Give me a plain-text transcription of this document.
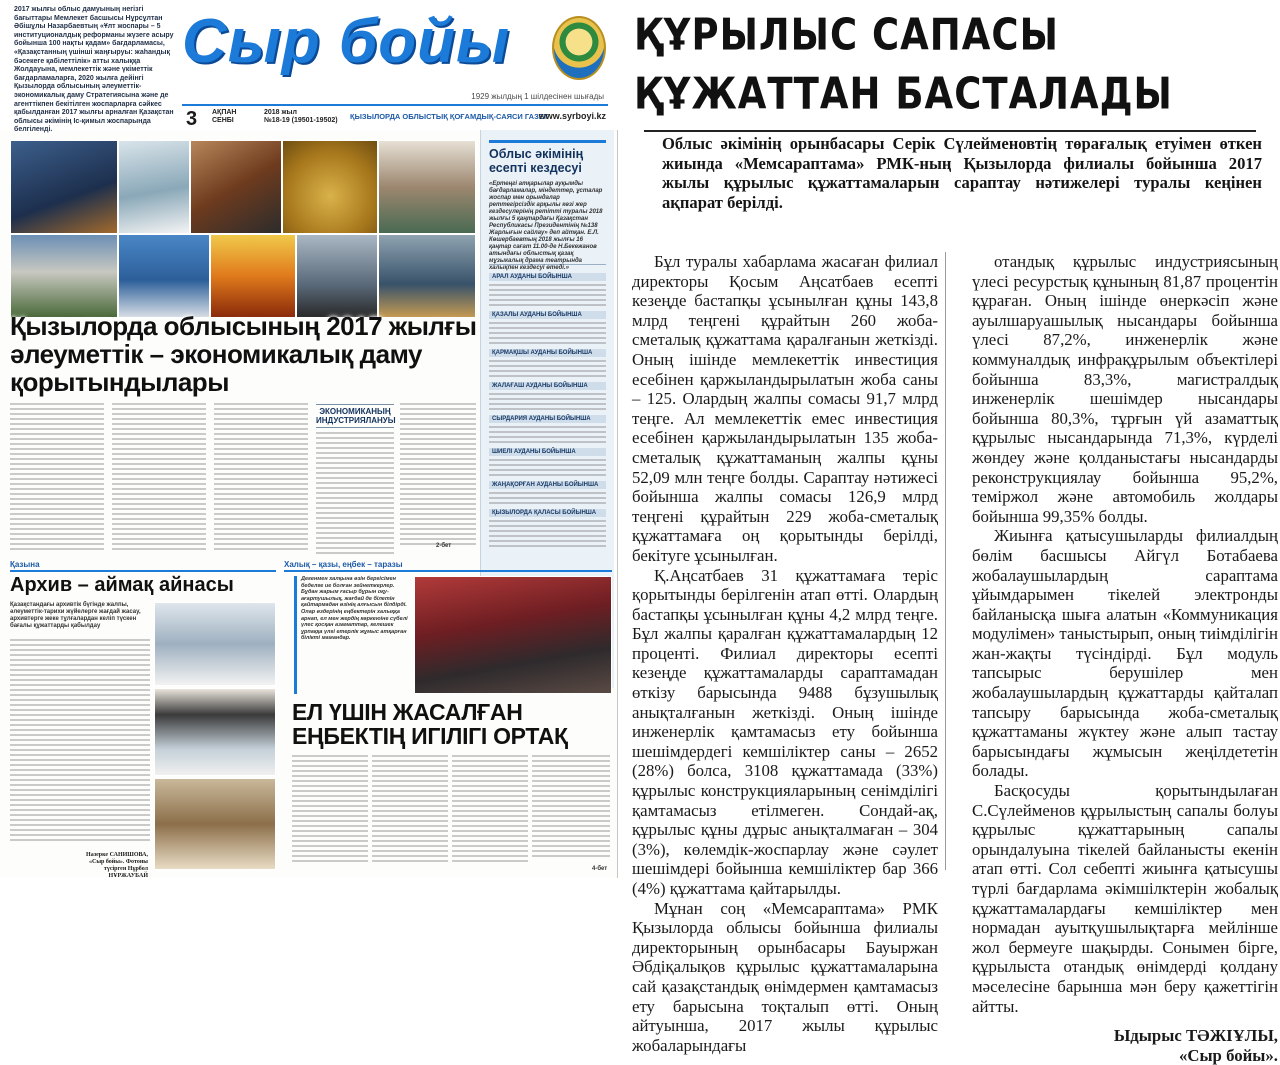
2017 жылғы облыс дамуының негізгі бағыттары Мемлекет басшысы Нұрсұлтан Әбішұлы Назарбаевтың «Ұлт жоспары – 5 институционалдық реформаны жүзеге асыру бойынша 100 нақты қадам» бағдарламасы, «Қазақстанның үшінші жаңғыруы: жаһандық бәсекеге қабілеттілік» атты халыққа Жолдауына, мемлекеттік және үкіметтік бағдарламаларға, 2020 жылға дейінгі Қызылорда облысының әлеуметтік-экономикалық даму Стратегиясына және де агенттікпен бекітілген жоспарларға сәйкес қабылданған 2017 жылғы арналған Қазақстан облысы әкімінің Іс-қимыл жоспарында белгіленді.
Сыр бойы
1929 жылдың 1 шілдесінен шығады
3 АҚПАН
СЕНБІ
2018 жыл
№18-19 (19501-19502) ҚЫЗЫЛОРДА ОБЛЫСТЫҚ ҚОҒАМДЫҚ-САЯСИ ГАЗЕТ
www.syrboyi.kz
Қызылорда облысының 2017 жылғы әлеуметтік – экономикалық даму қорытындылары
ЭКОНОМИКАНЫҢ ИНДУСТРИЯЛАНУЫ
2-бет
Облыс әкімінің есепті кездесуі
«Ертеңгі атқарылар ауқымды бағдарламалар, міндеттер, ұсталар жоспар мен орындалар реттегірсіздік арқылы көзі жер кездесулерінің ретітті туралы 2018 жылғы 5 қаңтардағы Қазақстан Республикасы Президентінің №138 Жарлығын сайлау» деп айтқан. Е.Л. Көшербаевтың 2018 жылғы 16 қаңтар сағат 11.00-де Н.Бекежанов атындағы облыстық қазақ мұзыкалық драма театрында халықпен кездесуі өтеді.»
АРАЛ АУДАНЫ БОЙЫНША
ҚАЗАЛЫ АУДАНЫ БОЙЫНША
ҚАРМАҚШЫ АУДАНЫ БОЙЫНША
ЖАЛАҒАШ АУДАНЫ БОЙЫНША
СЫРДАРИЯ АУДАНЫ БОЙЫНША
ШИЕЛІ АУДАНЫ БОЙЫНША
ЖАҢАҚОРҒАН АУДАНЫ БОЙЫНША
ҚЫЗЫЛОРДА ҚАЛАСЫ БОЙЫНША
Қазына
Архив – аймақ айнасы
Қазақстандағы архивтiк бүгінде жалпы, әлеуметтік-тарихи жүйелерге жағдай жасау, архивтерге жеке тұлғалардан келіп түскен бағалы құжаттарды қабылдау
Назерке САНИШОВА, «Сыр бойы». Фотоны түсірген Нұрбол НҰРЖАУБАЙ
Халық – қазы, еңбек – таразы
Дегенмен халқына өзін бергісімен беделге ие болған зейнеткерлер. Бұдан жарым ғасыр бұрын оқу-ағартушылық, жағдай де білетін қайтармадан өзінің алғысын білдірді. Олар өздерінің еңбектерін халыққа арнап, ел мен жердің көркеюіне сүбелі үлес қосқан азаматтар, келешек ұрпаққа үлгі етерлік жұмыс атқарған білікті мамандар.
ЕЛ ҮШІН ЖАСАЛҒАН ЕҢБЕКТІҢ ИГІЛІГІ ОРТАҚ
4-бет
ҚҰРЫЛЫС САПАСЫ ҚҰЖАТТАН БАСТАЛАДЫ
Облыс әкімінің орынбасары Серік Сүлейменовтің төрағалық етуімен өткен жиында «Мемсараптама» РМК-ның Қызылорда филиалы бойынша 2017 жылы құрылыс құжаттамаларын сараптау нәтижелері туралы кеңінен ақпарат берілді.

Бұл туралы хабарлама жасаған филиал директоры Қосым Аңсатбаев есепті кезеңде бастапқы ұсынылған құны 143,8 млрд теңгені құрайтын 260 жоба-сметалық құжаттама қаралғанын жеткізді. Оның ішінде мемлекеттік инвестиция есебінен қаржыландырылатын жоба саны – 125. Олардың жалпы сомасы 91,7 млрд теңге. Ал мемлекеттік емес инвестиция есебінен қаржыландырылатын 135 жоба-сметалық құжаттаманың жалпы құны 52,09 млн теңге болды. Сараптау нәтижесі бойынша жалпы сомасы 126,9 млрд теңгені құрайтын 229 жоба-сметалық құжаттамаға оң қорытынды берілді, бекітуге ұсынылған.

Қ.Аңсатбаев 31 құжаттамаға теріс қорытынды берілгенін атап өтті. Олардың бастапқы ұсынылған құны 4,2 млрд теңге. Бұл жалпы қаралған құжаттамалардың 12 проценті. Филиал директоры есепті кезеңде құжаттамаларды сараптамадан өткізу барысында 9488 бұзушылық анықталғанын жеткізді. Оның ішінде инженерлік қамтамасыз ету бойынша шешімдердегі кемшіліктер саны – 2652 (28%) болса, 3108 құжаттамада (33%) құрылыс конструкцияларының сенімділігі қамтамасыз етілмеген. Сондай-ақ, құрылыс құны дұрыс анықталмаған – 304 (3%), көлемдік-жоспарлау және сәулет шешімдері бойынша кемшіліктер бар 366 (4%) құжаттама қайтарылды.

Мұнан соң «Мемсараптама» РМК Қызылорда облысы бойынша филиалы директорының орынбасары Бауыржан Әбдіқалықов құрылыс құжаттамаларына сай қазақстандық өнімдермен қамтамасыз ету барысына тоқталып өтті. Оның айтуынша, 2017 жылы құрылыс жобаларындағы

отандық құрылыс индустриясының үлесі ресурстық құнының 81,87 процентін құраған. Оның ішінде өнеркәсіп және ауылшаруашылық нысандары бойынша үлесі 87,2%, инженерлік және коммуналдық инфрақұрылым объектілері бойынша 83,3%, магистралдық инженерлік шешімдер нысандары бойынша 80,3%, тұрғын үй азаматтық құрылыс нысандарында 71,3%, күрделі жөндеу және қолданыстағы нысандарды реконструкциялау бойынша 95,2%, теміржол және автомобиль жолдары бойынша 99,35% болды.

Жиынға қатысушыларды филиалдың бөлім басшысы Айгүл Ботабаева жобалаушылардың сараптама ұйымдарымен тікелей электронды байланысқа шыға алатын «Коммуникация модулімен» таныстырып, оның тиімділігін жан-жақты түсіндірді. Бұл модуль тапсырыс берушілер мен жобалаушылардың құжаттарды қайталап тапсыру барысында жоба-сметалық құжаттаманы жүктеу және алып тастау барысындағы жұмысын жеңілдететін болады.

Басқосуды қорытындылаған С.Сүлейменов құрылыстың сапалы болуы құрылыс құжаттарының сапалы орындалуына тікелей байланысты екенін атап өтті. Сол себепті жиынға қатысушы түрлі бағдарлама әкімшілктерін жобалық құжаттамалардағы кемшіліктер мен нормадан ауытқушылықтарға мейлінше жол бермеуге шақырды. Сонымен бірге, құрылыста отандық өнімдерді қолдану мәселесіне барынша мән беру қажеттігін айтты.

Ыдырыс ТӘЖІҰЛЫ,
«Сыр бойы».
